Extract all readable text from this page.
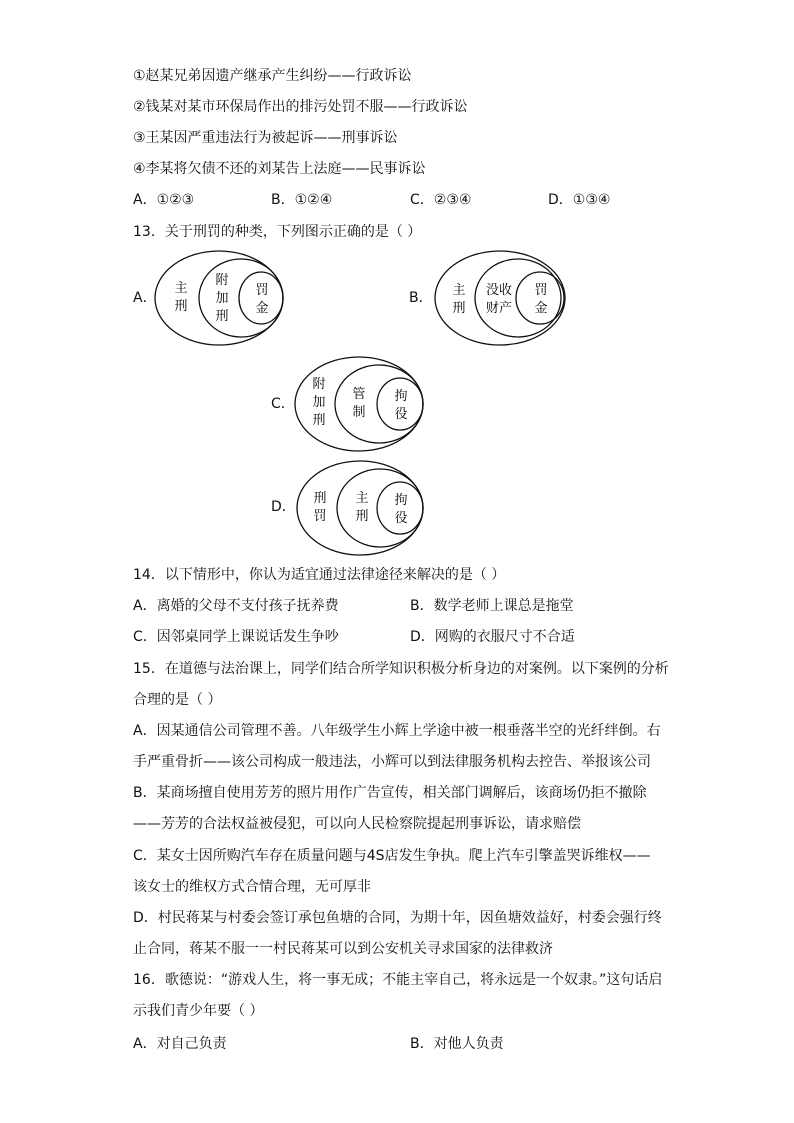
①赵某兄弟因遗产继承产生纠纷——行政诉讼
②钱某对某市环保局作出的排污处罚不服——行政诉讼
③王某因严重违法行为被起诉——刑事诉讼
④李某将欠债不还的刘某告上法庭——民事诉讼
A．①②③	B．①②④	C．②③④	D．①③④
13．关于刑罚的种类，下列图示正确的是（ ）
A．
主
刑
附
加
刑
罚
金
B． 主
刑
没收
财产
罚
金
C．
附
加
刑
管
制
拘
役
D．
刑
罚
主
刑
拘
役
14．以下情形中，你认为适宜通过法律途径来解决的是（ ）
A．离婚的父母不支付孩子抚养费	B．数学老师上课总是拖堂
C．因邻桌同学上课说话发生争吵	D．网购的衣服尺寸不合适
15．在道德与法治课上，同学们结合所学知识积极分析身边的对案例。以下案例的分析
合理的是（ ）
A．因某通信公司管理不善。八年级学生小辉上学途中被一根垂落半空的光纤绊倒。右
手严重骨折——该公司构成一般违法，小辉可以到法律服务机构去控告、举报该公司
B．某商场擅自使用芳芳的照片用作广告宣传，相关部门调解后，该商场仍拒不撤除
——芳芳的合法权益被侵犯，可以向人民检察院提起刑事诉讼，请求赔偿
C．某女士因所购汽车存在质量问题与4S店发生争执。爬上汽车引擎盖哭诉维权——
该女士的维权方式合情合理，无可厚非
D．村民蒋某与村委会签订承包鱼塘的合同，为期十年，因鱼塘效益好，村委会强行终
止合同，蒋某不服一一村民蒋某可以到公安机关寻求国家的法律救济
16．歌德说：“游戏人生，将一事无成；不能主宰自己，将永远是一个奴隶。”这句话启
示我们青少年要（ ）
A．对自己负责	B．对他人负责
